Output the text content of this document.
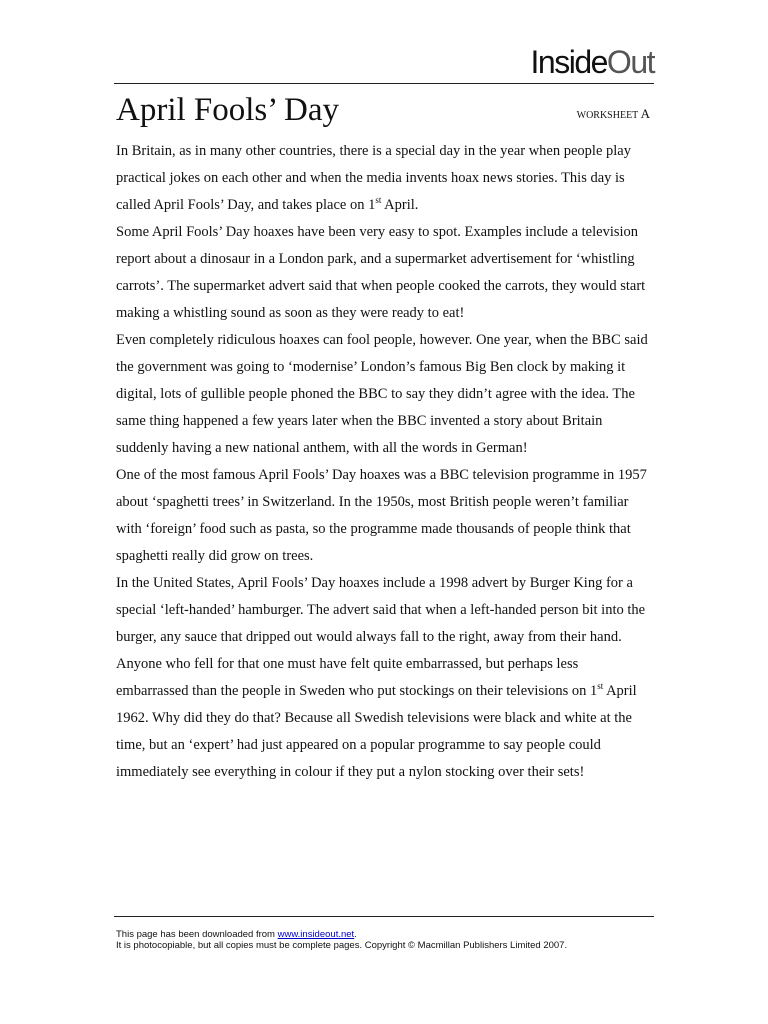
InsideOut
April Fools’ Day	WORKSHEET A

In Britain, as in many other countries, there is a special day in the year when people play practical jokes on each other and when the media invents hoax news stories. This day is called April Fools’ Day, and takes place on 1st April.

Some April Fools’ Day hoaxes have been very easy to spot. Examples include a television report about a dinosaur in a London park, and a supermarket advertisement for ‘whistling carrots’. The supermarket advert said that when people cooked the carrots, they would start making a whistling sound as soon as they were ready to eat!

Even completely ridiculous hoaxes can fool people, however. One year, when the BBC said the government was going to ‘modernise’ London’s famous Big Ben clock by making it digital, lots of gullible people phoned the BBC to say they didn’t agree with the idea. The same thing happened a few years later when the BBC invented a story about Britain suddenly having a new national anthem, with all the words in German!

One of the most famous April Fools’ Day hoaxes was a BBC television programme in 1957 about ‘spaghetti trees’ in Switzerland. In the 1950s, most British people weren’t familiar with ‘foreign’ food such as pasta, so the programme made thousands of people think that spaghetti really did grow on trees.

In the United States, April Fools’ Day hoaxes include a 1998 advert by Burger King for a special ‘left-handed’ hamburger. The advert said that when a left-handed person bit into the burger, any sauce that dripped out would always fall to the right, away from their hand. Anyone who fell for that one must have felt quite embarrassed, but perhaps less embarrassed than the people in Sweden who put stockings on their televisions on 1st April 1962. Why did they do that? Because all Swedish televisions were black and white at the time, but an ‘expert’ had just appeared on a popular programme to say people could immediately see everything in colour if they put a nylon stocking over their sets!

This page has been downloaded from www.insideout.net.
It is photocopiable, but all copies must be complete pages. Copyright © Macmillan Publishers Limited 2007.
